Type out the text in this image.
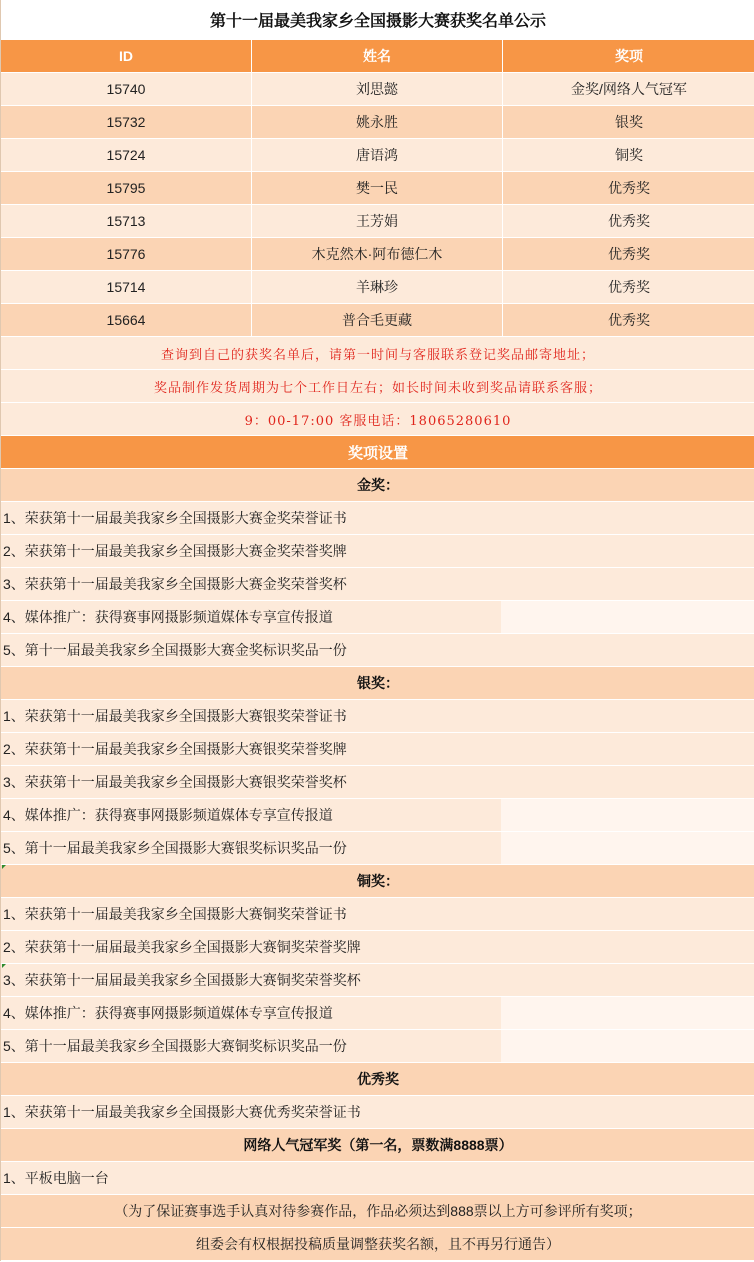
第十一届最美我家乡全国摄影大赛获奖名单公示
ID	姓名	奖项
15740	刘思懿	金奖/网络人气冠军
15732	姚永胜	银奖
15724	唐语鸿	铜奖
15795	樊一民	优秀奖
15713	王芳娟	优秀奖
15776	木克然木·阿布德仁木	优秀奖
15714	羊琳珍	优秀奖
15664	普合毛更藏	优秀奖
查询到自己的获奖名单后，请第一时间与客服联系登记奖品邮寄地址；
奖品制作发货周期为七个工作日左右；如长时间未收到奖品请联系客服；
9：00-17:00 客服电话：18065280610
奖项设置
金奖：
1、荣获第十一届最美我家乡全国摄影大赛金奖荣誉证书
2、荣获第十一届最美我家乡全国摄影大赛金奖荣誉奖牌
3、荣获第十一届最美我家乡全国摄影大赛金奖荣誉奖杯
4、媒体推广：获得赛事网摄影频道媒体专享宣传报道
5、第十一届最美我家乡全国摄影大赛金奖标识奖品一份
银奖：
1、荣获第十一届最美我家乡全国摄影大赛银奖荣誉证书
2、荣获第十一届最美我家乡全国摄影大赛银奖荣誉奖牌
3、荣获第十一届最美我家乡全国摄影大赛银奖荣誉奖杯
4、媒体推广：获得赛事网摄影频道媒体专享宣传报道
5、第十一届最美我家乡全国摄影大赛银奖标识奖品一份
铜奖：
1、荣获第十一届最美我家乡全国摄影大赛铜奖荣誉证书
2、荣获第十一届届最美我家乡全国摄影大赛铜奖荣誉奖牌
3、荣获第十一届届最美我家乡全国摄影大赛铜奖荣誉奖杯
4、媒体推广：获得赛事网摄影频道媒体专享宣传报道
5、第十一届最美我家乡全国摄影大赛铜奖标识奖品一份
优秀奖
1、荣获第十一届最美我家乡全国摄影大赛优秀奖荣誉证书
网络人气冠军奖（第一名，票数满8888票）
1、平板电脑一台
（为了保证赛事选手认真对待参赛作品，作品必须达到888票以上方可参评所有奖项；
组委会有权根据投稿质量调整获奖名额，且不再另行通告）
